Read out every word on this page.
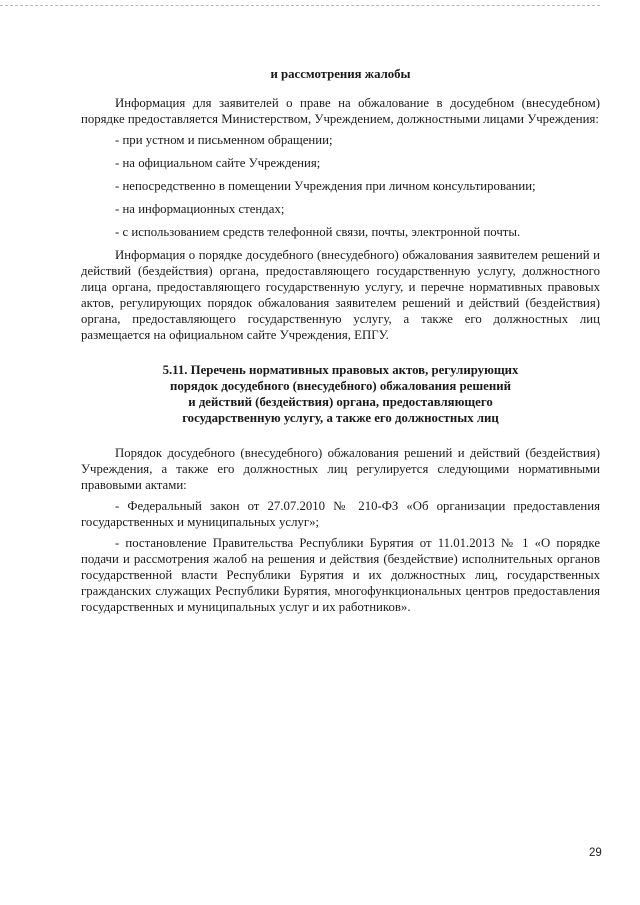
и рассмотрения жалобы

Информация для заявителей о праве на обжалование в досудебном (внесудебном) порядке предоставляется Министерством, Учреждением, должностными лицами Учреждения:

- при устном и письменном обращении;

- на официальном сайте Учреждения;

- непосредственно в помещении Учреждения при личном консультировании;

- на информационных стендах;

- с использованием средств телефонной связи, почты, электронной почты.

Информация о порядке досудебного (внесудебного) обжалования заявителем решений и действий (бездействия) органа, предоставляющего государственную услугу, должностного лица органа, предоставляющего государственную услугу, и перечне нормативных правовых актов, регулирующих порядок обжалования заявителем решений и действий (бездействия) органа, предоставляющего государственную услугу, а также его должностных лиц размещается на официальном сайте Учреждения, ЕПГУ.

5.11. Перечень нормативных правовых актов, регулирующих
порядок досудебного (внесудебного) обжалования решений
и действий (бездействия) органа, предоставляющего
государственную услугу, а также его должностных лиц

Порядок досудебного (внесудебного) обжалования решений и действий (бездействия) Учреждения, а также его должностных лиц регулируется следующими нормативными правовыми актами:

- Федеральный закон от 27.07.2010 № 210-ФЗ «Об организации предоставления государственных и муниципальных услуг»;

- постановление Правительства Республики Бурятия от 11.01.2013 № 1 «О порядке подачи и рассмотрения жалоб на решения и действия (бездействие) исполнительных органов государственной власти Республики Бурятия и их должностных лиц, государственных гражданских служащих Республики Бурятия, многофункциональных центров предоставления государственных и муниципальных услуг и их работников».

29
